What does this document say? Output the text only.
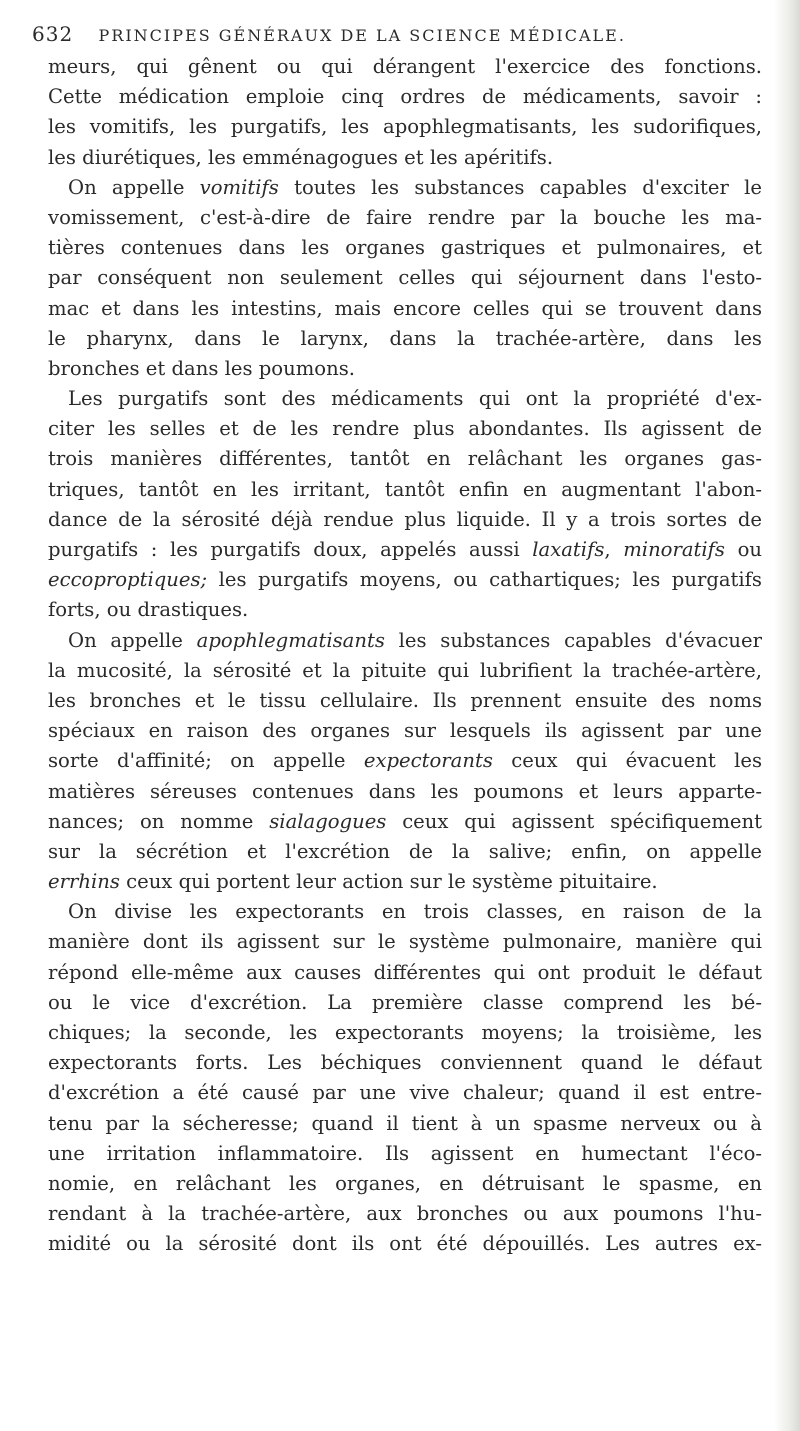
632 PRINCIPES GÉNÉRAUX DE LA SCIENCE MÉDICALE.
meurs, qui gênent ou qui dérangent l'exercice des fonctions.
Cette médication emploie cinq ordres de médicaments, savoir :
les vomitifs, les purgatifs, les apophlegmatisants, les sudorifiques,
les diurétiques, les emménagogues et les apéritifs.
On appelle vomitifs toutes les substances capables d'exciter le
vomissement, c'est-à-dire de faire rendre par la bouche les ma-
tières contenues dans les organes gastriques et pulmonaires, et
par conséquent non seulement celles qui séjournent dans l'esto-
mac et dans les intestins, mais encore celles qui se trouvent dans
le pharynx, dans le larynx, dans la trachée-artère, dans les
bronches et dans les poumons.
Les purgatifs sont des médicaments qui ont la propriété d'ex-
citer les selles et de les rendre plus abondantes. Ils agissent de
trois manières différentes, tantôt en relâchant les organes gas-
triques, tantôt en les irritant, tantôt enfin en augmentant l'abon-
dance de la sérosité déjà rendue plus liquide. Il y a trois sortes de
purgatifs : les purgatifs doux, appelés aussi laxatifs, minoratifs ou
eccoproptiques; les purgatifs moyens, ou cathartiques; les purgatifs
forts, ou drastiques.
On appelle apophlegmatisants les substances capables d'évacuer
la mucosité, la sérosité et la pituite qui lubrifient la trachée-artère,
les bronches et le tissu cellulaire. Ils prennent ensuite des noms
spéciaux en raison des organes sur lesquels ils agissent par une
sorte d'affinité; on appelle expectorants ceux qui évacuent les
matières séreuses contenues dans les poumons et leurs apparte-
nances; on nomme sialagogues ceux qui agissent spécifiquement
sur la sécrétion et l'excrétion de la salive; enfin, on appelle
errhins ceux qui portent leur action sur le système pituitaire.
On divise les expectorants en trois classes, en raison de la
manière dont ils agissent sur le système pulmonaire, manière qui
répond elle-même aux causes différentes qui ont produit le défaut
ou le vice d'excrétion. La première classe comprend les bé-
chiques; la seconde, les expectorants moyens; la troisième, les
expectorants forts. Les béchiques conviennent quand le défaut
d'excrétion a été causé par une vive chaleur; quand il est entre-
tenu par la sécheresse; quand il tient à un spasme nerveux ou à
une irritation inflammatoire. Ils agissent en humectant l'éco-
nomie, en relâchant les organes, en détruisant le spasme, en
rendant à la trachée-artère, aux bronches ou aux poumons l'hu-
midité ou la sérosité dont ils ont été dépouillés. Les autres ex-
